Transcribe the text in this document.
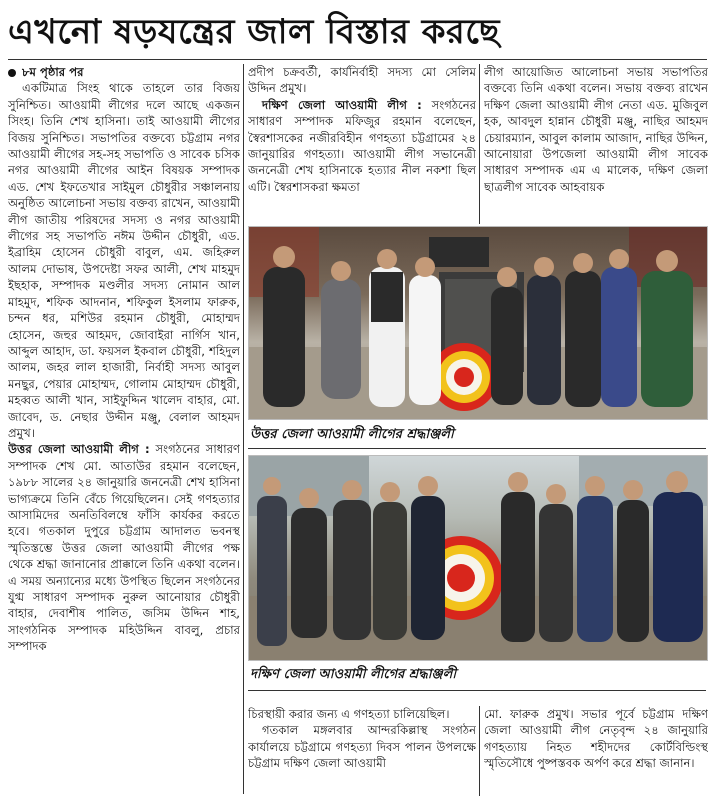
এখনো ষড়যন্ত্রের জাল বিস্তার করছে

৮ম পৃষ্ঠার পর

একটিমাত্র সিংহ থাকে তাহলে তার বিজয় সুনিশ্চিত। আওয়ামী লীগের দলে আছে একজন সিংহ। তিনি শেখ হাসিনা। তাই আওয়ামী লীগের বিজয় সুনিশ্চিত। সভাপতির বক্তব্যে চট্টগ্রাম নগর আওয়ামী লীগের সহ-সহ সভাপতি ও সাবেক চসিক নগর আওয়ামী লীগের আইন বিষয়ক সম্পাদক এড. শেখ ইফতেখার সাইমুল চৌধুরীর সঞ্চালনায় অনুষ্ঠিত আলোচনা সভায় বক্তব্য রাখেন, আওয়ামী লীগ জাতীয় পরিষদের সদস্য ও নগর আওয়ামী লীগের সহ সভাপতি নঈম উদ্দীন চৌধুরী, এড. ইব্রাহিম হোসেন চৌধুরী বাবুল, এম. জহিরুল আলম দোভাষ, উপদেষ্টা সফর আলী, শেখ মাহমুদ ইছহাক, সম্পাদক মণ্ডলীর সদস্য নোমান আল মাহমুদ, শফিক আদনান, শফিকুল ইসলাম ফারুক, চন্দন ধর, মশিউর রহমান চৌধুরী, মোহাম্মদ হোসেন, জহুর আহমদ, জোবাইরা নার্গিস খান, আব্দুল আহাদ, ডা. ফয়সল ইকবাল চৌধুরী, শহিদুল আলম, জহর লাল হাজারী, নির্বাহী সদস্য আবুল মনছুর, পেয়ার মোহাম্মদ, গোলাম মোহাম্মদ চৌধুরী, মহব্বত আলী খান, সাইফুদ্দিন খালেদ বাহার, মো. জাবেদ, ড. নেছার উদ্দীন মঞ্জু, বেলাল আহমদ প্রমুখ।

উত্তর জেলা আওয়ামী লীগ : সংগঠনের সাধারণ সম্পাদক শেখ মো. আতাউর রহমান বলেছেন, ১৯৮৮ সালের ২৪ জানুয়ারি জননেত্রী শেখ হাসিনা ভাগ্যক্রমে তিনি বেঁচে গিয়েছিলেন। সেই গণহত্যার আসামিদের অনতিবিলম্বে ফাঁসি কার্যকর করতে হবে। গতকাল দুপুরে চট্টগ্রাম আদালত ভবনস্থ স্মৃতিস্তম্ভে উত্তর জেলা আওয়ামী লীগের পক্ষ থেকে শ্রদ্ধা জানানোর প্রাক্কালে তিনি একথা বলেন। এ সময় অন্যান্যের মধ্যে উপস্থিত ছিলেন সংগঠনের যুগ্ম সাধারণ সম্পাদক নুরুল আনোয়ার চৌধুরী বাহার, দেবাশীষ পালিত, জসিম উদ্দিন শাহ, সাংগঠনিক সম্পাদক মহিউদ্দিন বাবলু, প্রচার সম্পাদক

প্রদীপ চক্রবর্তী, কার্যনির্বাহী সদস্য মো সেলিম উদ্দিন প্রমুখ।

দক্ষিণ জেলা আওয়ামী লীগ : সংগঠনের সাধারণ সম্পাদক মফিজুর রহমান বলেছেন, স্বৈরশাসকের নজীরবিহীন গণহত্যা চট্টগ্রামের ২৪ জানুয়ারির গণহত্যা। আওয়ামী লীগ সভানেত্রী জননেত্রী শেখ হাসিনাকে হত্যার নীল নকশা ছিল এটি। স্বৈরশাসকরা ক্ষমতা

লীগ আয়োজিত আলোচনা সভায় সভাপতির বক্তব্যে তিনি একথা বলেন। সভায় বক্তব্য রাখেন দক্ষিণ জেলা আওয়ামী লীগ নেতা এড. মুজিবুল হক, আবদুল হান্নান চৌধুরী মঞ্জু, নাছির আহমদ চেয়ারম্যান, আবুল কালাম আজাদ, নাছির উদ্দিন, আনোয়ারা উপজেলা আওয়ামী লীগ সাবেক সাধারণ সম্পাদক এম এ মালেক, দক্ষিণ জেলা ছাত্রলীগ সাবেক আহবায়ক

উত্তর জেলা আওয়ামী লীগের শ্রদ্ধাঞ্জলী
দক্ষিণ জেলা আওয়ামী লীগের শ্রদ্ধাঞ্জলী

চিরস্থায়ী করার জন্য এ গণহত্যা চালিয়েছিল।

গতকাল মঙ্গলবার আন্দরকিল্লাস্থ সংগঠন কার্যালয়ে চট্টগ্রামে গণহত্যা দিবস পালন উপলক্ষে চট্টগ্রাম দক্ষিণ জেলা আওয়ামী

মো. ফারুক প্রমুখ। সভার পূর্বে চট্টগ্রাম দক্ষিণ জেলা আওয়ামী লীগ নেতৃবৃন্দ ২৪ জানুয়ারি গণহত্যায় নিহত শহীদদের কোর্টবিল্ডিংস্থ স্মৃতিসৌধে পুষ্পস্তবক অর্পণ করে শ্রদ্ধা জানান।
